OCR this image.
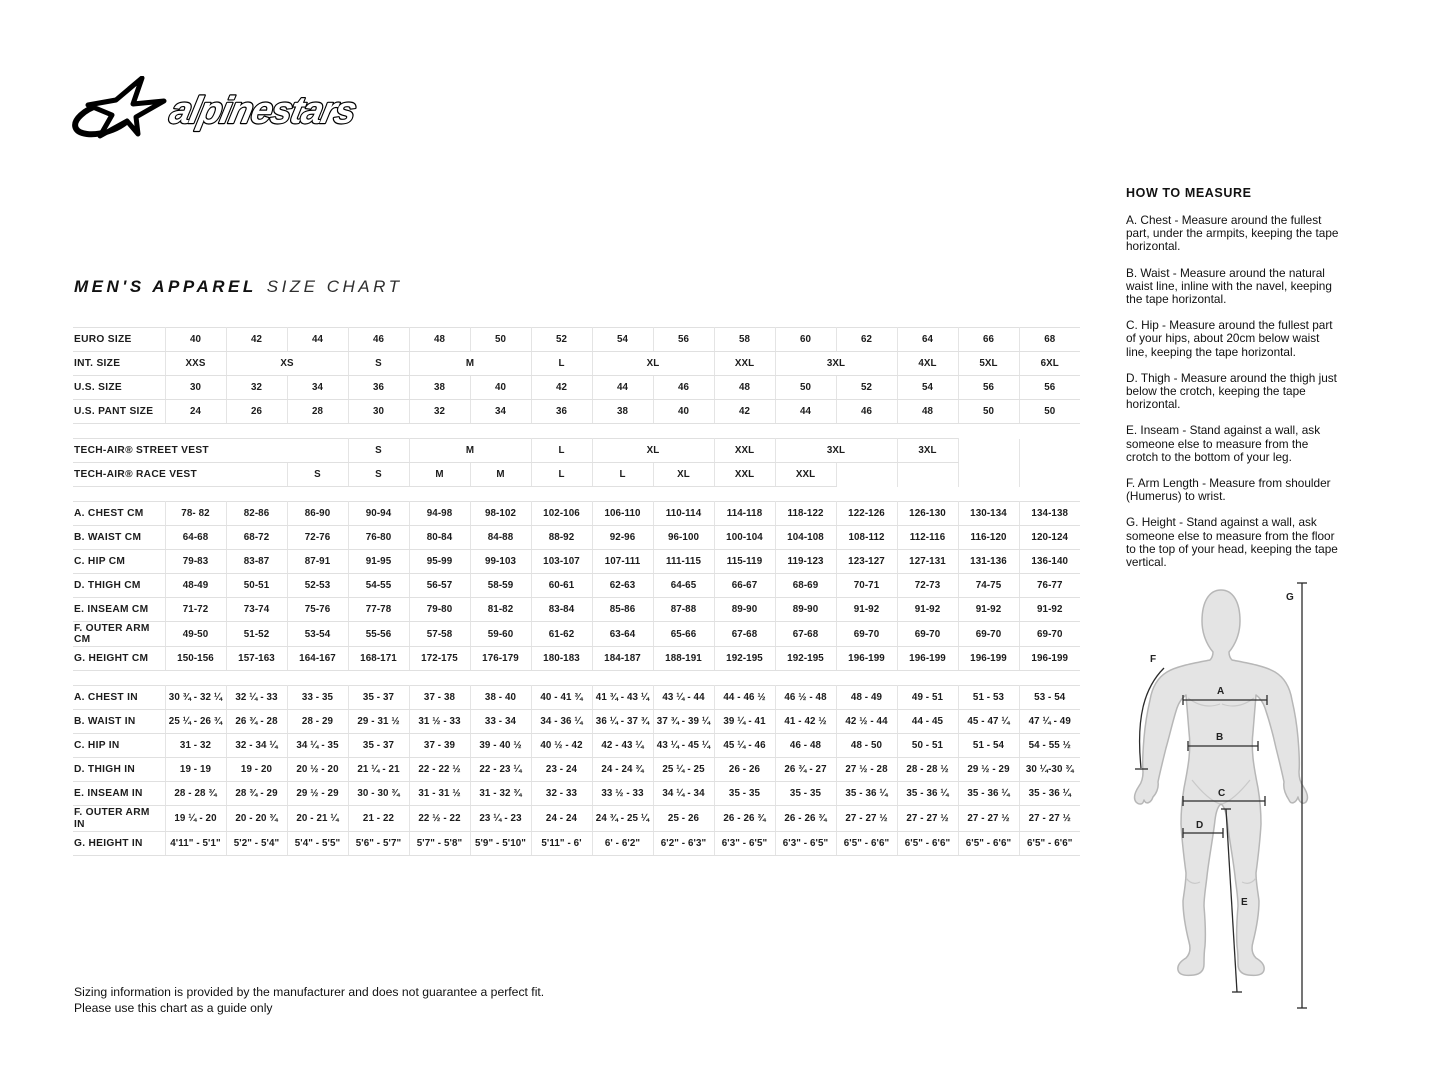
alpinestars
MEN'S APPAREL SIZE CHART
EURO SIZE	40	42	44	46	48	50	52	54	56	58	60	62	64	66	68
INT. SIZE	XXS	XS		S	M		L	XL		XXL	3XL		4XL	5XL	6XL
U.S. SIZE	30	32	34	36	38	40	42	44	46	48	50	52	54	56	56
U.S. PANT SIZE	24	26	28	30	32	34	36	38	40	42	44	46	48	50	50

TECH-AIR® STREET VEST				S	M		L	XL		XXL	3XL		3XL		
TECH-AIR® RACE VEST			S	S	M	M	L	L	XL	XXL	XXL				

A. CHEST CM	78- 82	82-86	86-90	90-94	94-98	98-102	102-106	106-110	110-114	114-118	118-122	122-126	126-130	130-134	134-138
B. WAIST CM	64-68	68-72	72-76	76-80	80-84	84-88	88-92	92-96	96-100	100-104	104-108	108-112	112-116	116-120	120-124
C. HIP CM	79-83	83-87	87-91	91-95	95-99	99-103	103-107	107-111	111-115	115-119	119-123	123-127	127-131	131-136	136-140
D. THIGH CM	48-49	50-51	52-53	54-55	56-57	58-59	60-61	62-63	64-65	66-67	68-69	70-71	72-73	74-75	76-77
E. INSEAM CM	71-72	73-74	75-76	77-78	79-80	81-82	83-84	85-86	87-88	89-90	89-90	91-92	91-92	91-92	91-92
F. OUTER ARM CM	49-50	51-52	53-54	55-56	57-58	59-60	61-62	63-64	65-66	67-68	67-68	69-70	69-70	69-70	69-70
G. HEIGHT CM	150-156	157-163	164-167	168-171	172-175	176-179	180-183	184-187	188-191	192-195	192-195	196-199	196-199	196-199	196-199

A. CHEST IN	30 ¾ - 32 ¼	32 ¼ - 33	33 - 35	35 - 37	37 - 38	38 - 40	40 - 41 ¾	41 ¾ - 43 ¼	43 ¼ - 44	44 - 46 ½	46 ½ - 48	48 - 49	49 - 51	51 - 53	53 - 54
B. WAIST IN	25 ¼ - 26 ¾	26 ¾ - 28	28 - 29	29 - 31 ½	31 ½ - 33	33 - 34	34 - 36 ¼	36 ¼ - 37 ¾	37 ¾ - 39 ¼	39 ¼ - 41	41 - 42 ½	42 ½ - 44	44 - 45	45 - 47 ¼	47 ¼ - 49
C. HIP IN	31 - 32	32 - 34 ¼	34 ¼ - 35	35 - 37	37 - 39	39 - 40 ½	40 ½ - 42	42 - 43 ¼	43 ¼ - 45 ¼	45 ¼ - 46	46 - 48	48 - 50	50 - 51	51 - 54	54 - 55 ½
D. THIGH IN	19 - 19	19 - 20	20 ½ - 20	21 ¼ - 21	22 - 22 ½	22 - 23 ¼	23 - 24	24 - 24 ¾	25 ¼ - 25	26 - 26	26 ¾ - 27	27 ½ - 28	28 - 28 ½	29 ½ - 29	30 ¼-30 ¾
E. INSEAM IN	28 - 28 ¾	28 ¾ - 29	29 ½ - 29	30 - 30 ¾	31 - 31 ½	31 - 32 ¾	32 - 33	33 ½ - 33	34 ¼ - 34	35 - 35	35 - 35	35 - 36 ¼	35 - 36 ¼	35 - 36 ¼	35 - 36 ¼
F. OUTER ARM IN	19 ¼ - 20	20 - 20 ¾	20 - 21 ¼	21 - 22	22 ½ - 22	23 ¼ - 23	24 - 24	24 ¾ - 25 ¼	25 - 26	26 - 26 ¾	26 - 26 ¾	27 - 27 ½	27 - 27 ½	27 - 27 ½	27 - 27 ½
G. HEIGHT IN	4'11" - 5'1"	5'2" - 5'4"	5'4" - 5'5"	5'6" - 5'7"	5'7" - 5'8"	5'9" - 5'10"	5'11" - 6'	6' - 6'2"	6'2" - 6'3"	6'3" - 6'5"	6'3" - 6'5"	6'5" - 6'6"	6'5" - 6'6"	6'5" - 6'6"	6'5" - 6'6"
HOW TO MEASURE

A. Chest - Measure around the fullest part, under the armpits, keeping the tape horizontal.

B. Waist - Measure around the natural waist line, inline with the navel, keeping the tape horizontal.

C. Hip - Measure around the fullest part of your hips, about 20cm below waist line, keeping the tape horizontal.

D. Thigh - Measure around the thigh just below the crotch, keeping the tape horizontal.

E. Inseam - Stand against a wall, ask someone else to measure from the crotch to the bottom of your leg.

F. Arm Length - Measure from shoulder (Humerus) to wrist.

G. Height - Stand against a wall, ask someone else to measure from the floor to the top of your head, keeping the tape vertical.

A
B
C
D
E
F
G
Sizing information is provided by the manufacturer and does not guarantee a perfect fit.
Please use this chart as a guide only
